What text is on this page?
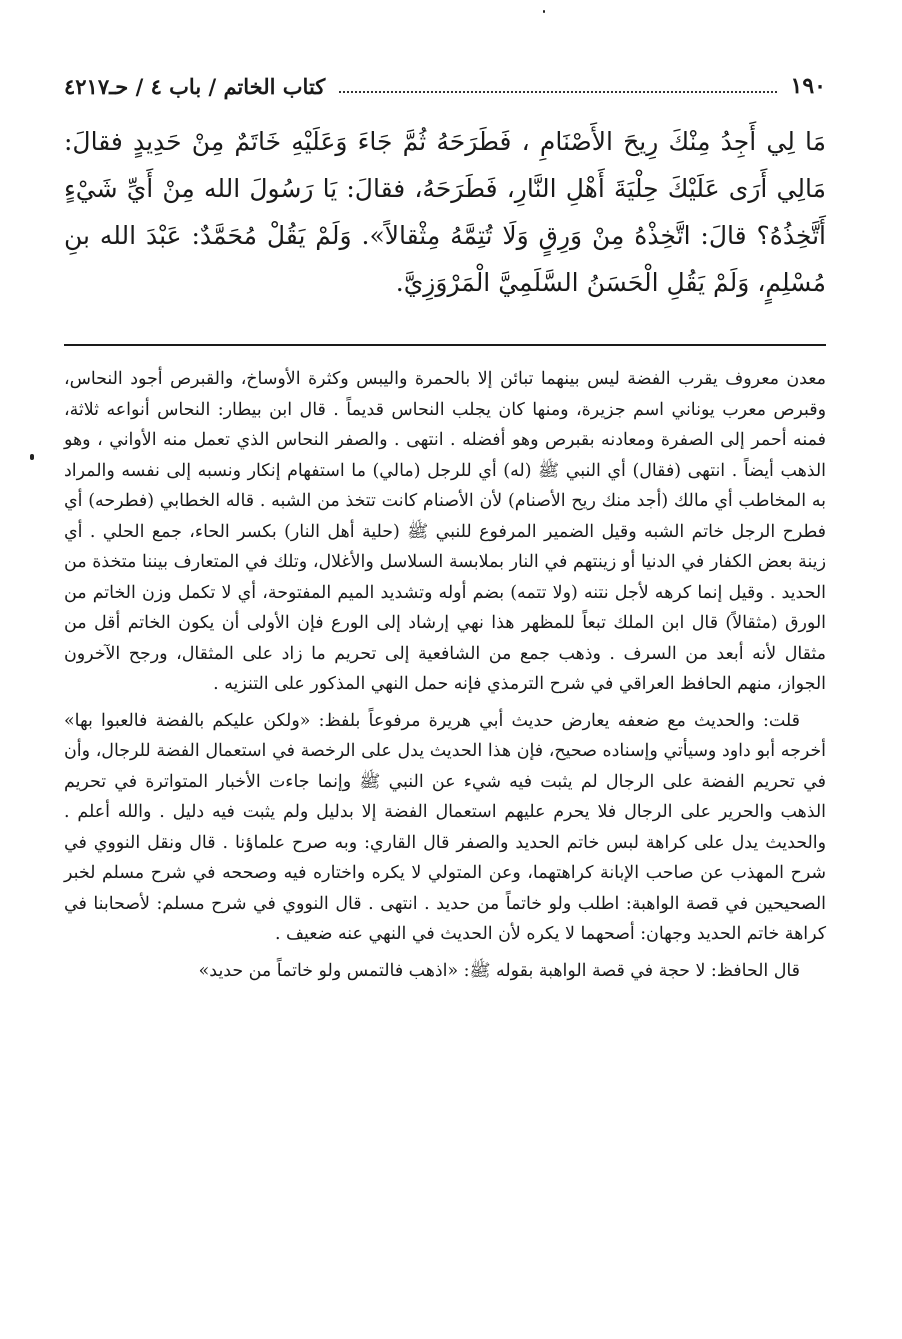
١٩٠
كتاب الخاتم / باب ٤ / حـ٤٢١٧
مَا لِي أَجِدُ مِنْكَ رِيحَ الأَصْنَامِ ، فَطَرَحَهُ ثُمَّ جَاءَ وَعَلَيْهِ خَاتَمٌ مِنْ حَدِيدٍ فقالَ: مَالِي أَرَى عَلَيْكَ حِلْيَةَ أَهْلِ النَّارِ، فَطَرَحَهُ، فقالَ: يَا رَسُولَ الله مِنْ أَيِّ شَيْءٍ أَتَّخِذُهُ؟ قالَ: اتَّخِذْهُ مِنْ وَرِقٍ وَلَا تُتِمَّهُ مِثْقالاً». وَلَمْ يَقُلْ مُحَمَّدٌ: عَبْدَ الله بنِ مُسْلِمٍ، وَلَمْ يَقُلِ الْحَسَنُ السَّلَمِيَّ الْمَرْوَزِيَّ.

معدن معروف يقرب الفضة ليس بينهما تبائن إلا بالحمرة واليبس وكثرة الأوساخ، والقبرص أجود النحاس، وقبرص معرب يوناني اسم جزيرة، ومنها كان يجلب النحاس قديماً . قال ابن بيطار: النحاس أنواعه ثلاثة، فمنه أحمر إلى الصفرة ومعادنه بقبرص وهو أفضله . انتهى . والصفر النحاس الذي تعمل منه الأواني ، وهو الذهب أيضاً . انتهى (فقال) أي النبي ﷺ (له) أي للرجل (مالي) ما استفهام إنكار ونسبه إلى نفسه والمراد به المخاطب أي مالك (أجد منك ريح الأصنام) لأن الأصنام كانت تتخذ من الشبه . قاله الخطابي (فطرحه) أي فطرح الرجل خاتم الشبه وقيل الضمير المرفوع للنبي ﷺ (حلية أهل النار) بكسر الحاء، جمع الحلي . أي زينة بعض الكفار في الدنيا أو زينتهم في النار بملابسة السلاسل والأغلال، وتلك في المتعارف بيننا متخذة من الحديد . وقيل إنما كرهه لأجل نتنه (ولا تتمه) بضم أوله وتشديد الميم المفتوحة، أي لا تكمل وزن الخاتم من الورق (مثقالاً) قال ابن الملك تبعاً للمظهر هذا نهي إرشاد إلى الورع فإن الأولى أن يكون الخاتم أقل من مثقال لأنه أبعد من السرف . وذهب جمع من الشافعية إلى تحريم ما زاد على المثقال، ورجح الآخرون الجواز، منهم الحافظ العراقي في شرح الترمذي فإنه حمل النهي المذكور على التنزيه .

قلت: والحديث مع ضعفه يعارض حديث أبي هريرة مرفوعاً بلفظ: «ولكن عليكم بالفضة فالعبوا بها» أخرجه أبو داود وسيأتي وإسناده صحيح، فإن هذا الحديث يدل على الرخصة في استعمال الفضة للرجال، وأن في تحريم الفضة على الرجال لم يثبت فيه شيء عن النبي ﷺ وإنما جاءت الأخبار المتواترة في تحريم الذهب والحرير على الرجال فلا يحرم عليهم استعمال الفضة إلا بدليل ولم يثبت فيه دليل . والله أعلم . والحديث يدل على كراهة لبس خاتم الحديد والصفر قال القاري: وبه صرح علماؤنا . قال ونقل النووي في شرح المهذب عن صاحب الإبانة كراهتهما، وعن المتولي لا يكره واختاره فيه وصححه في شرح مسلم لخبر الصحيحين في قصة الواهبة: اطلب ولو خاتماً من حديد . انتهى . قال النووي في شرح مسلم: لأصحابنا في كراهة خاتم الحديد وجهان: أصحهما لا يكره لأن الحديث في النهي عنه ضعيف .

قال الحافظ: لا حجة في قصة الواهبة بقوله ﷺ: «اذهب فالتمس ولو خاتماً من حديد»
